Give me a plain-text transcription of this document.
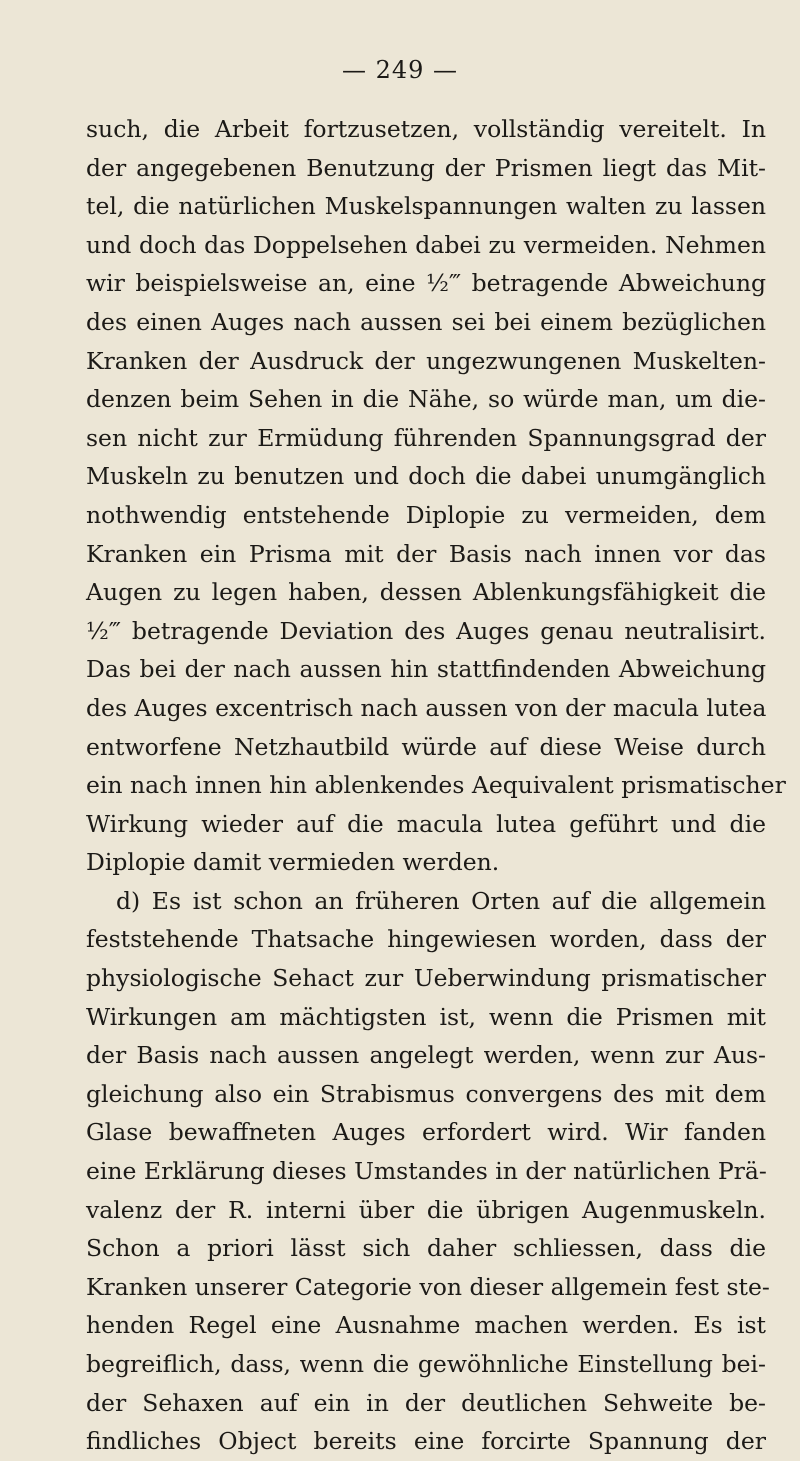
— 249 —
such, die Arbeit fortzusetzen, vollständig vereitelt. In
der angegebenen Benutzung der Prismen liegt das Mit-
tel, die natürlichen Muskelspannungen walten zu lassen
und doch das Doppelsehen dabei zu vermeiden. Nehmen
wir beispielsweise an, eine ½‴ betragende Abweichung
des einen Auges nach aussen sei bei einem bezüglichen
Kranken der Ausdruck der ungezwungenen Muskelten-
denzen beim Sehen in die Nähe, so würde man, um die-
sen nicht zur Ermüdung führenden Spannungsgrad der
Muskeln zu benutzen und doch die dabei unumgänglich
nothwendig entstehende Diplopie zu vermeiden, dem
Kranken ein Prisma mit der Basis nach innen vor das
Augen zu legen haben, dessen Ablenkungsfähigkeit die
½‴ betragende Deviation des Auges genau neutralisirt.
Das bei der nach aussen hin stattfindenden Abweichung
des Auges excentrisch nach aussen von der macula lutea
entworfene Netzhautbild würde auf diese Weise durch
ein nach innen hin ablenkendes Aequivalent prismatischer
Wirkung wieder auf die macula lutea geführt und die
Diplopie damit vermieden werden.
d) Es ist schon an früheren Orten auf die allgemein
feststehende Thatsache hingewiesen worden, dass der
physiologische Sehact zur Ueberwindung prismatischer
Wirkungen am mächtigsten ist, wenn die Prismen mit
der Basis nach aussen angelegt werden, wenn zur Aus-
gleichung also ein Strabismus convergens des mit dem
Glase bewaffneten Auges erfordert wird. Wir fanden
eine Erklärung dieses Umstandes in der natürlichen Prä-
valenz der R. interni über die übrigen Augenmuskeln.
Schon a priori lässt sich daher schliessen, dass die
Kranken unserer Categorie von dieser allgemein fest ste-
henden Regel eine Ausnahme machen werden. Es ist
begreiflich, dass, wenn die gewöhnliche Einstellung bei-
der Sehaxen auf ein in der deutlichen Sehweite be-
findliches Object bereits eine forcirte Spannung der
